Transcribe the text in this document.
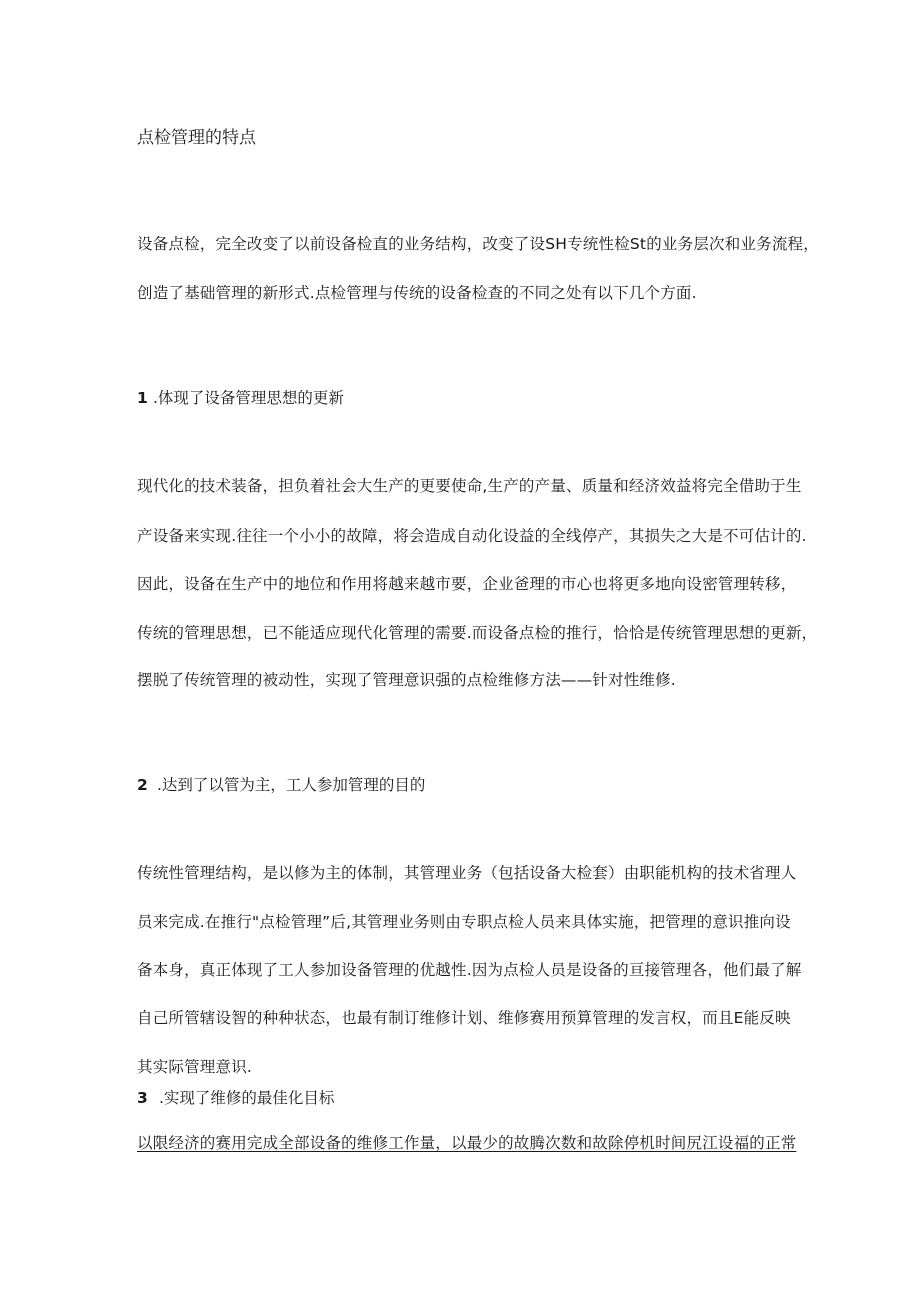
点检管理的特点
设备点检，完全改变了以前设备检直的业务结构，改变了设SH专统性检St的业务层次和业务流程，
创造了基础管理的新形式.点检管理与传统的设备检查的不同之处有以下几个方面.
1 .体现了设备管理思想的更新
现代化的技术装备，担负着社会大生产的更要使命,生产的产量、质量和经济效益将完全借助于生
产设备来实现.往往一个小小的故障，将会造成自动化设益的全线停产，其损失之大是不可估计的.
因此，设备在生产中的地位和作用将越来越市要，企业爸理的市心也将更多地向设密管理转移，
传统的管理思想，已不能适应现代化管理的需要.而设备点检的推行，恰恰是传统管理思想的更新，
摆脱了传统管理的被动性，实现了管理意识强的点检维修方法——针对性维修.
2 .达到了以管为主，工人参加管理的目的
传统性管理结构，是以修为主的体制，其管理业务（包括设备大检套）由职能机构的技术省理人
员来完成.在推行"点检管理”后,其管理业务则由专职点检人员来具体实施，把管理的意识推向设
备本身，真正体现了工人参加设备管理的优越性.因为点检人员是设备的亘接管理各，他们最了解
自己所管辖设智的种种状态，也最有制订维修计划、维修赛用预算管理的发言权，而且E能反映
其实际管理意识.
3 .实现了维修的最佳化目标
以限经济的赛用完成全部设备的维修工作量，以最少的故腾次数和故除停机时间尻江设福的正常
